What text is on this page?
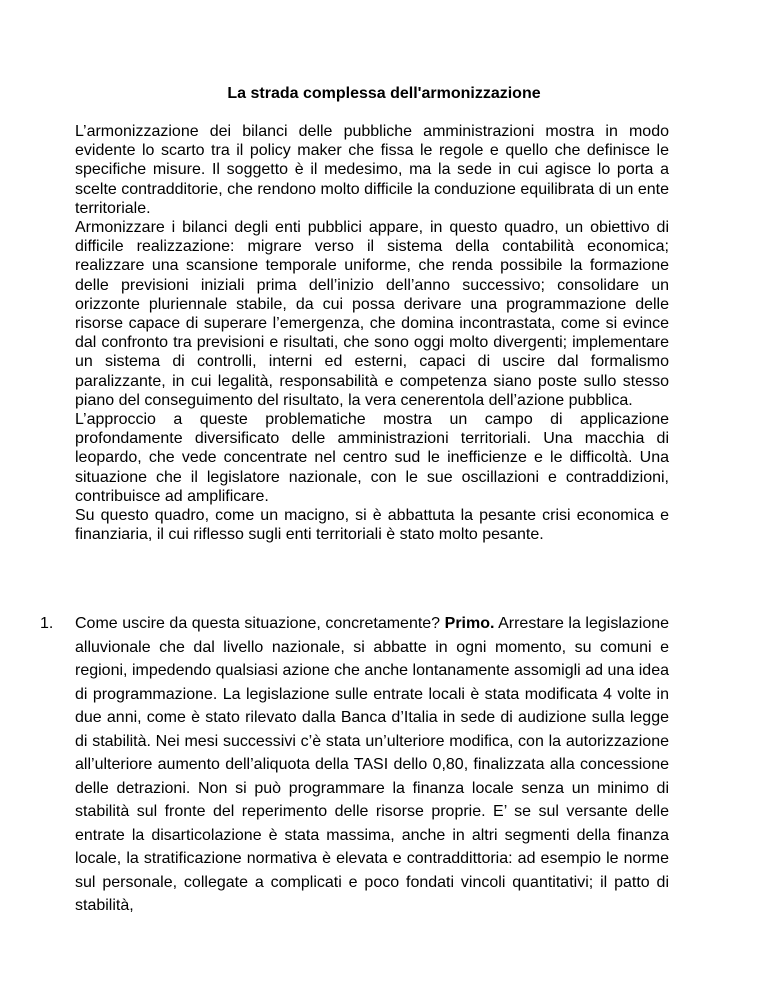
La strada complessa dell'armonizzazione

L’armonizzazione dei bilanci delle pubbliche amministrazioni mostra in modo evidente lo scarto tra il policy maker che fissa le regole e quello che definisce le specifiche misure. Il soggetto è il medesimo, ma la sede in cui agisce lo porta a scelte contradditorie, che rendono molto difficile la conduzione equilibrata di un ente territoriale.

Armonizzare i bilanci degli enti pubblici appare, in questo quadro, un obiettivo di difficile realizzazione: migrare verso il sistema della contabilità economica; realizzare una scansione temporale uniforme, che renda possibile la formazione delle previsioni iniziali prima dell’inizio dell’anno successivo; consolidare un orizzonte pluriennale stabile, da cui possa derivare una programmazione delle risorse capace di superare l’emergenza, che domina incontrastata, come si evince dal confronto tra previsioni e risultati, che sono oggi molto divergenti; implementare un sistema di controlli, interni ed esterni, capaci di uscire dal formalismo paralizzante, in cui legalità, responsabilità e competenza siano poste sullo stesso piano del conseguimento del risultato, la vera cenerentola dell’azione pubblica.

L’approccio a queste problematiche mostra un campo di applicazione profondamente diversificato delle amministrazioni territoriali. Una macchia di leopardo, che vede concentrate nel centro sud le inefficienze e le difficoltà. Una situazione che il legislatore nazionale, con le sue oscillazioni e contraddizioni, contribuisce ad amplificare.

Su questo quadro, come un macigno, si è abbattuta la pesante crisi economica e finanziaria, il cui riflesso sugli enti territoriali è stato molto pesante.

1.	Come uscire da questa situazione, concretamente? Primo. Arrestare la legislazione alluvionale che dal livello nazionale, si abbatte in ogni momento, su comuni e regioni, impedendo qualsiasi azione che anche lontanamente assomigli ad una idea di programmazione. La legislazione sulle entrate locali è stata modificata 4 volte in due anni, come è stato rilevato dalla Banca d’Italia in sede di audizione sulla legge di stabilità. Nei mesi successivi c’è stata un’ulteriore modifica, con la autorizzazione all’ulteriore aumento dell’aliquota della TASI dello 0,80, finalizzata alla concessione delle detrazioni. Non si può programmare la finanza locale senza un minimo di stabilità sul fronte del reperimento delle risorse proprie. E’ se sul versante delle entrate la disarticolazione è stata massima, anche in altri segmenti della finanza locale, la stratificazione normativa è elevata e contraddittoria: ad esempio le norme sul personale, collegate a complicati e poco fondati vincoli quantitativi; il patto di stabilità,
